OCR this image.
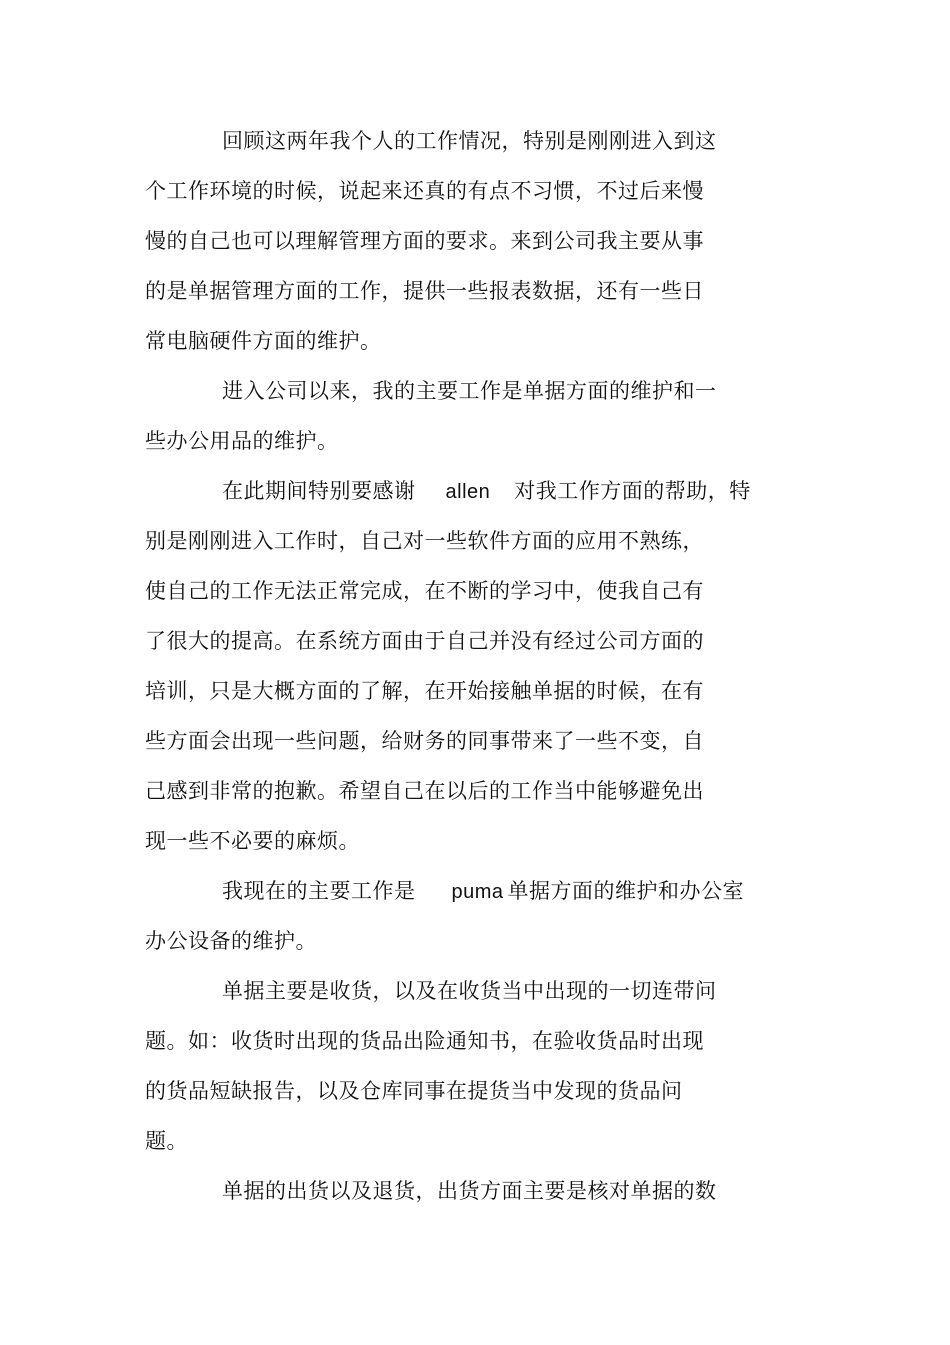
回顾这两年我个人的工作情况，特别是刚刚进入到这
个工作环境的时候，说起来还真的有点不习惯，不过后来慢
慢的自己也可以理解管理方面的要求。来到公司我主要从事
的是单据管理方面的工作，提供一些报表数据，还有一些日
常电脑硬件方面的维护。
进入公司以来，我的主要工作是单据方面的维护和一
些办公用品的维护。
在此期间特别要感谢 allen 对我工作方面的帮助，特
别是刚刚进入工作时，自己对一些软件方面的应用不熟练，
使自己的工作无法正常完成，在不断的学习中，使我自己有
了很大的提高。在系统方面由于自己并没有经过公司方面的
培训，只是大概方面的了解，在开始接触单据的时候，在有
些方面会出现一些问题，给财务的同事带来了一些不变，自
己感到非常的抱歉。希望自己在以后的工作当中能够避免出
现一些不必要的麻烦。
我现在的主要工作是 puma 单据方面的维护和办公室
办公设备的维护。
单据主要是收货，以及在收货当中出现的一切连带问
题。如：收货时出现的货品出险通知书，在验收货品时出现
的货品短缺报告，以及仓库同事在提货当中发现的货品问
题。
单据的出货以及退货，出货方面主要是核对单据的数
